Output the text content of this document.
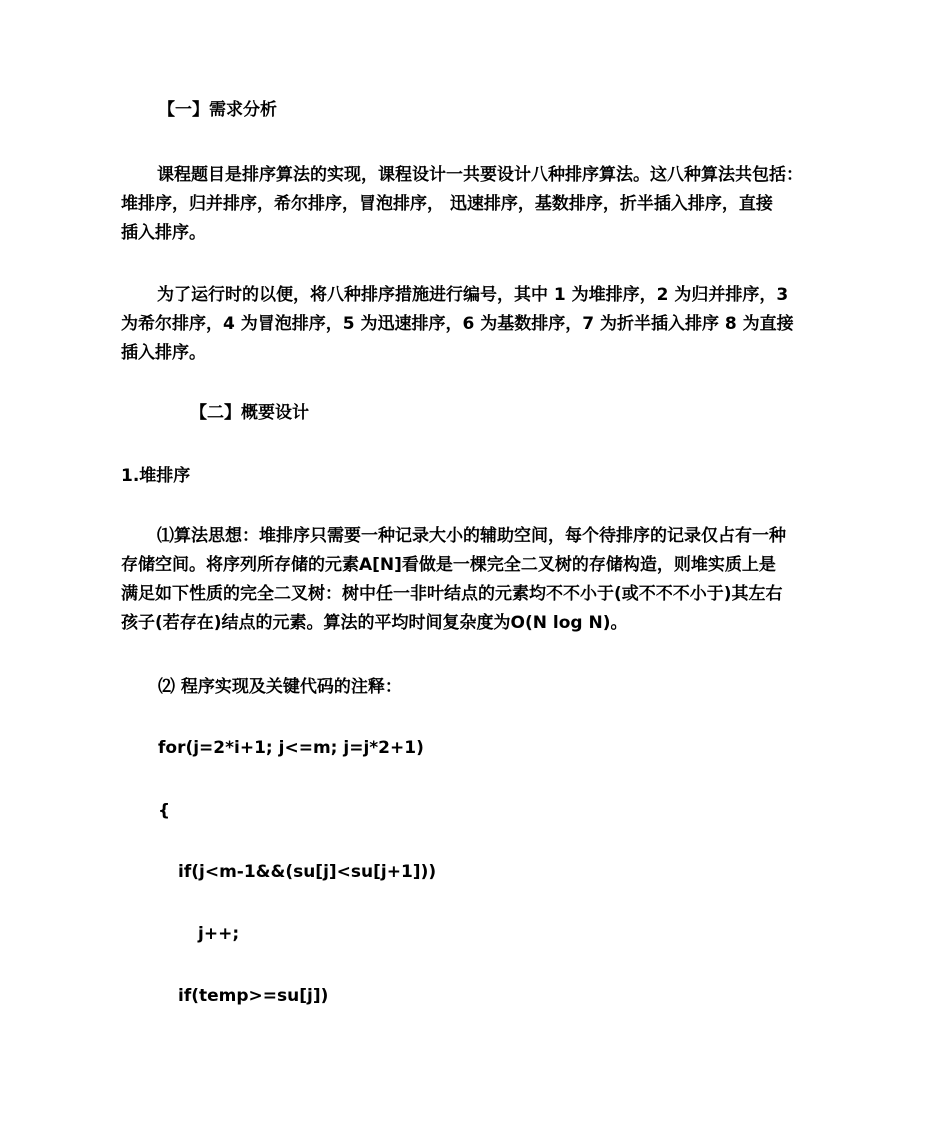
【一】需求分析
课程题目是排序算法的实现，课程设计一共要设计八种排序算法。这八种算法共包括：
堆排序，归并排序，希尔排序，冒泡排序， 迅速排序，基数排序，折半插入排序，直接
插入排序。
为了运行时的以便，将八种排序措施进行编号，其中 1 为堆排序，2 为归并排序，3
为希尔排序，4 为冒泡排序，5 为迅速排序，6 为基数排序，7 为折半插入排序 8 为直接
插入排序。
【二】概要设计
1.堆排序
⑴算法思想：堆排序只需要一种记录大小的辅助空间，每个待排序的记录仅占有一种
存储空间。将序列所存储的元素A[N]看做是一棵完全二叉树的存储构造，则堆实质上是
满足如下性质的完全二叉树：树中任一非叶结点的元素均不不小于(或不不不小于)其左右
孩子(若存在)结点的元素。算法的平均时间复杂度为O(N log N)。
⑵ 程序实现及关键代码的注释：
for(j=2*i+1; j<=m; j=j*2+1)
{
if(j<m-1&&(su[j]<su[j+1]))
j++;
if(temp>=su[j])
